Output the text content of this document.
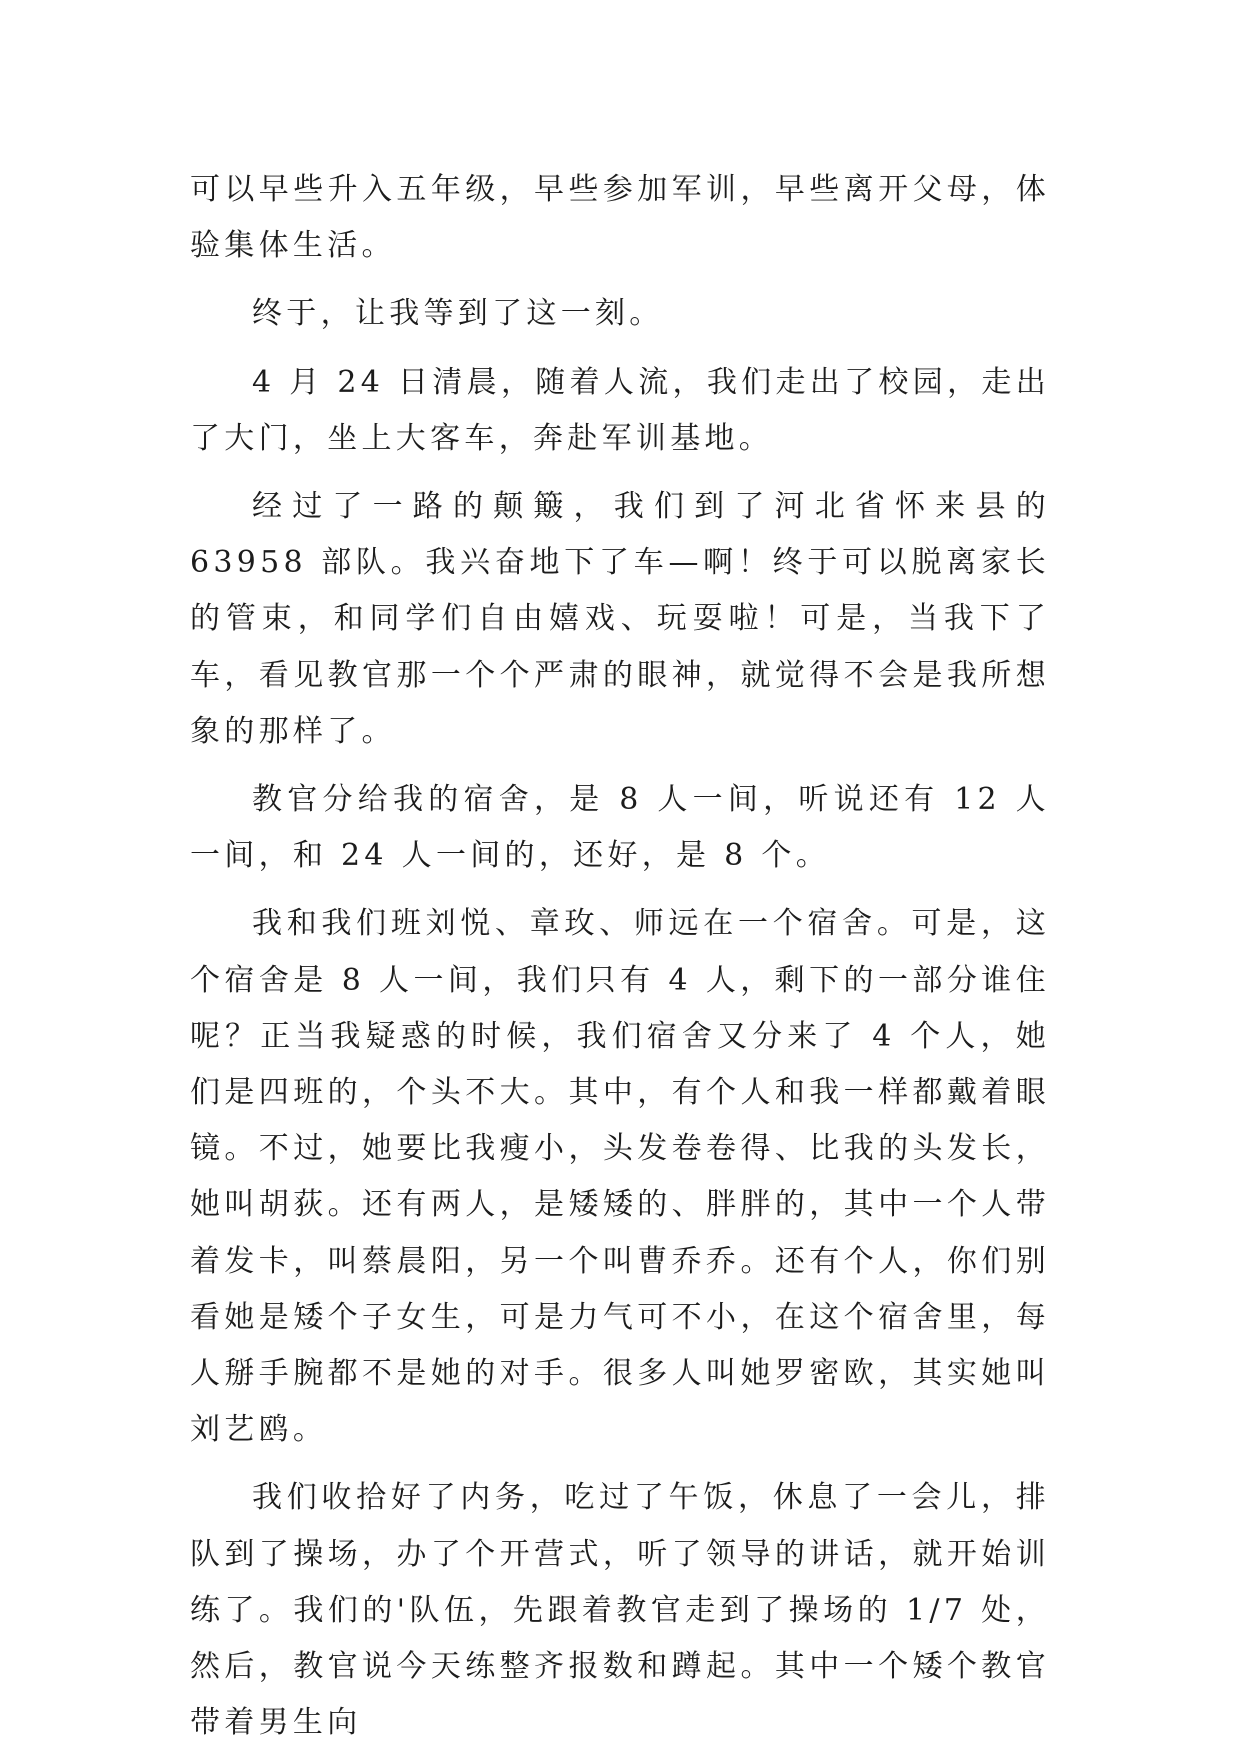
可以早些升入五年级，早些参加军训，早些离开父母，体验集体生活。

终于，让我等到了这一刻。

4 月 24 日清晨，随着人流，我们走出了校园，走出了大门，坐上大客车，奔赴军训基地。

经过了一路的颠簸，我们到了河北省怀来县的 63958 部队。我兴奋地下了车—啊！终于可以脱离家长的管束，和同学们自由嬉戏、玩耍啦！可是，当我下了车，看见教官那一个个严肃的眼神，就觉得不会是我所想象的那样了。

教官分给我的宿舍，是 8 人一间，听说还有 12 人一间，和 24 人一间的，还好，是 8 个。

我和我们班刘悦、章玫、师远在一个宿舍。可是，这个宿舍是 8 人一间，我们只有 4 人，剩下的一部分谁住呢？正当我疑惑的时候，我们宿舍又分来了 4 个人，她们是四班的，个头不大。其中，有个人和我一样都戴着眼镜。不过，她要比我瘦小，头发卷卷得、比我的头发长，她叫胡荻。还有两人，是矮矮的、胖胖的，其中一个人带着发卡，叫蔡晨阳，另一个叫曹乔乔。还有个人，你们别看她是矮个子女生，可是力气可不小，在这个宿舍里，每人掰手腕都不是她的对手。很多人叫她罗密欧，其实她叫刘艺鸥。

我们收拾好了内务，吃过了午饭，休息了一会儿，排队到了操场，办了个开营式，听了领导的讲话，就开始训练了。我们的'队伍，先跟着教官走到了操场的 1/7 处，然后，教官说今天练整齐报数和蹲起。其中一个矮个教官带着男生向
